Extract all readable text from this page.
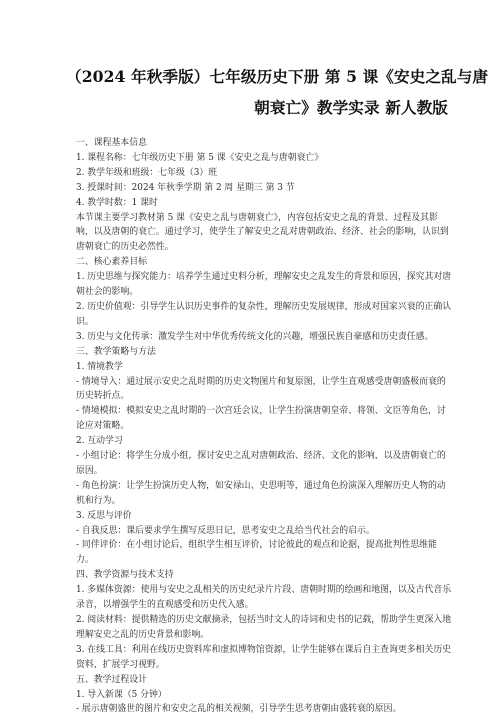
（2024 年秋季版）七年级历史下册 第 5 课《安史之乱与唐
朝衰亡》教学实录 新人教版

一、课程基本信息

1. 课程名称：七年级历史下册 第 5 课《安史之乱与唐朝衰亡》

2. 教学年级和班级：七年级（3）班

3. 授课时间：2024 年秋季学期 第 2 周 星期三 第 3 节

4. 教学时数：1 课时

本节课主要学习教材第 5 课《安史之乱与唐朝衰亡》，内容包括安史之乱的背景、过程及其影响，以及唐朝的衰亡。通过学习，使学生了解安史之乱对唐朝政治、经济、社会的影响，认识到唐朝衰亡的历史必然性。

二、核心素养目标

1. 历史思维与探究能力：培养学生通过史料分析，理解安史之乱发生的背景和原因，探究其对唐朝社会的影响。

2. 历史价值观：引导学生认识历史事件的复杂性，理解历史发展规律，形成对国家兴衰的正确认识。

3. 历史与文化传承：激发学生对中华优秀传统文化的兴趣，增强民族自豪感和历史责任感。

三、教学策略与方法

1. 情境教学

- 情境导入：通过展示安史之乱时期的历史文物图片和复原图，让学生直观感受唐朝盛极而衰的历史转折点。

- 情境模拟：模拟安史之乱时期的一次宫廷会议，让学生扮演唐朝皇帝、将领、文臣等角色，讨论应对策略。

2. 互动学习

- 小组讨论：将学生分成小组，探讨安史之乱对唐朝政治、经济、文化的影响，以及唐朝衰亡的原因。

- 角色扮演：让学生扮演历史人物，如安禄山、史思明等，通过角色扮演深入理解历史人物的动机和行为。

3. 反思与评价

- 自我反思：课后要求学生撰写反思日记，思考安史之乱给当代社会的启示。

- 同伴评价：在小组讨论后，组织学生相互评价，讨论彼此的观点和论据，提高批判性思维能力。

四、教学资源与技术支持

1. 多媒体资源：使用与安史之乱相关的历史纪录片片段、唐朝时期的绘画和地图，以及古代音乐录音，以增强学生的直观感受和历史代入感。

2. 阅读材料：提供精选的历史文献摘录，包括当时文人的诗词和史书的记载，帮助学生更深入地理解安史之乱的历史背景和影响。

3. 在线工具：利用在线历史资料库和虚拟博物馆资源，让学生能够在课后自主查询更多相关历史资料，扩展学习视野。

五、教学过程设计

1. 导入新课（5 分钟）

- 展示唐朝盛世的图片和安史之乱的相关视频，引导学生思考唐朝由盛转衰的原因。
